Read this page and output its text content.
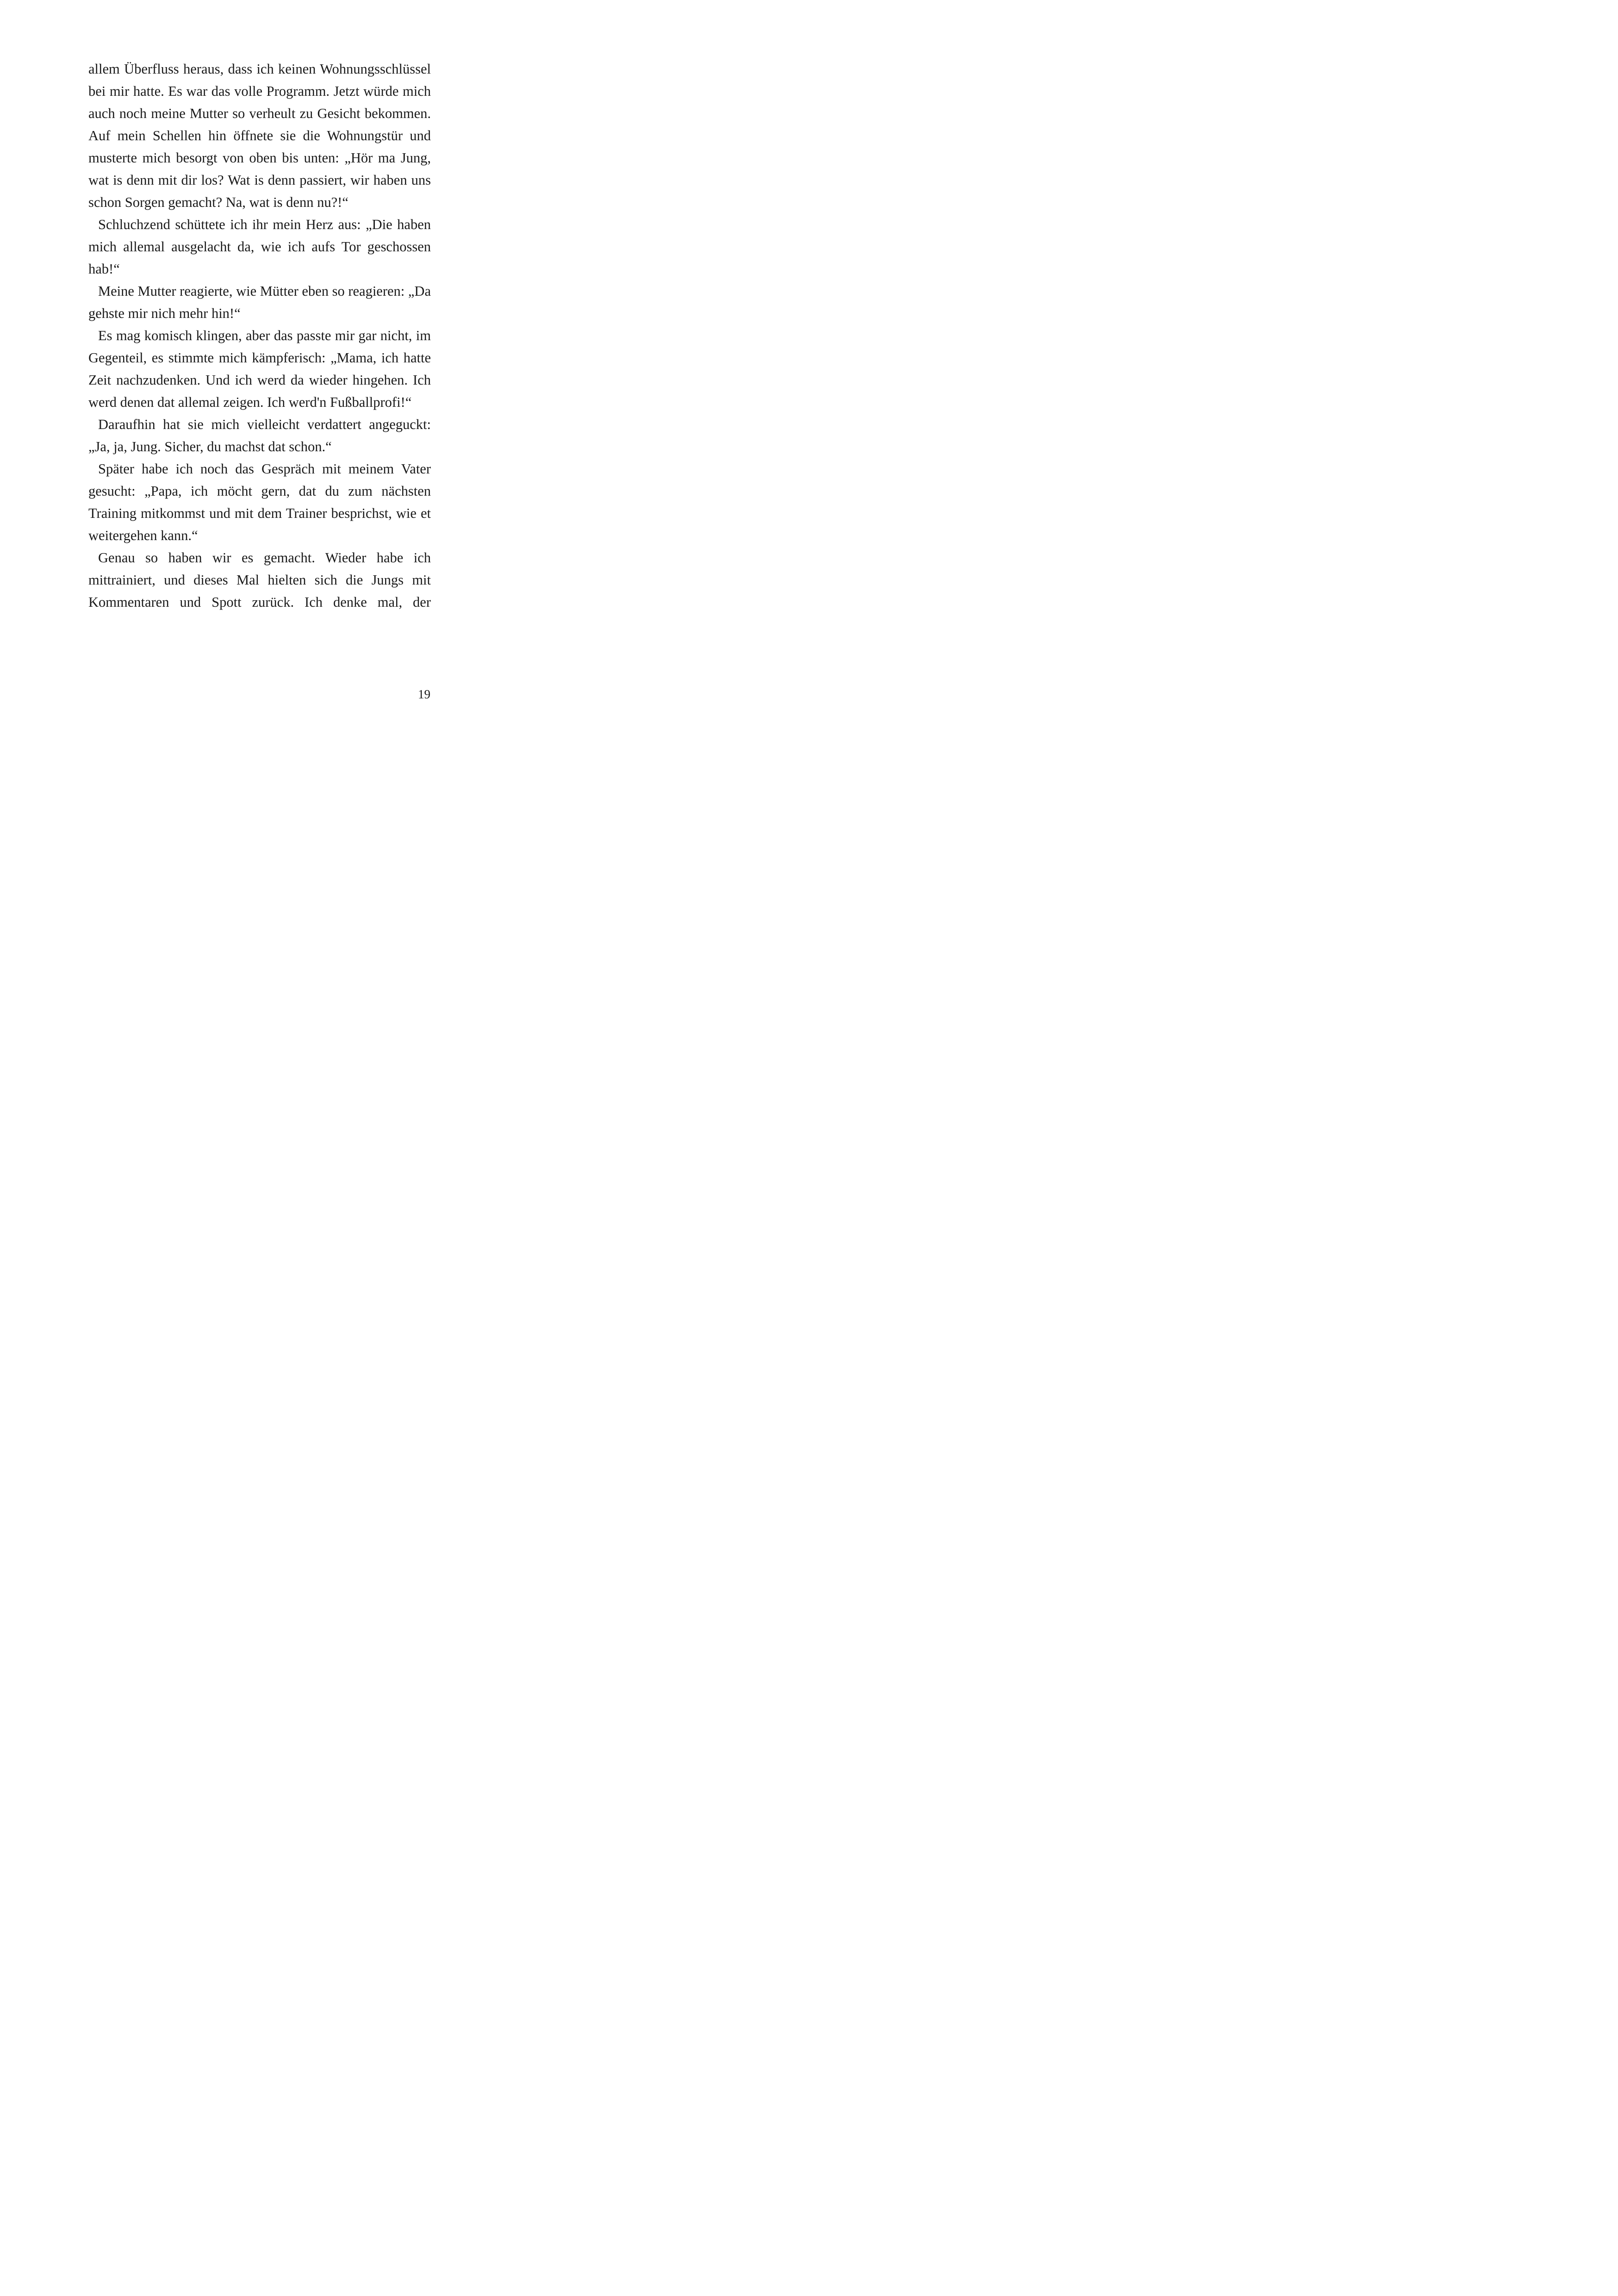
allem Überfluss heraus, dass ich keinen Wohnungsschlüssel bei mir hatte. Es war das volle Programm. Jetzt würde mich auch noch meine Mutter so verheult zu Gesicht bekommen. Auf mein Schellen hin öffnete sie die Wohnungstür und musterte mich besorgt von oben bis unten: „Hör ma Jung, wat is denn mit dir los? Wat is denn passiert, wir haben uns schon Sorgen gemacht? Na, wat is denn nu?!“

Schluchzend schüttete ich ihr mein Herz aus: „Die haben mich allemal ausgelacht da, wie ich aufs Tor geschossen hab!“

Meine Mutter reagierte, wie Mütter eben so reagieren: „Da gehste mir nich mehr hin!“

Es mag komisch klingen, aber das passte mir gar nicht, im Gegenteil, es stimmte mich kämpferisch: „Mama, ich hatte Zeit nachzudenken. Und ich werd da wieder hingehen. Ich werd denen dat allemal zeigen. Ich werd'n Fußballprofi!“

Daraufhin hat sie mich vielleicht verdattert angeguckt: „Ja, ja, Jung. Sicher, du machst dat schon.“

Später habe ich noch das Gespräch mit meinem Vater gesucht: „Papa, ich möcht gern, dat du zum nächsten Training mitkommst und mit dem Trainer besprichst, wie et weitergehen kann.“

Genau so haben wir es gemacht. Wieder habe ich mittrainiert, und dieses Mal hielten sich die Jungs mit Kommentaren und Spott zurück. Ich denke mal, der

19
